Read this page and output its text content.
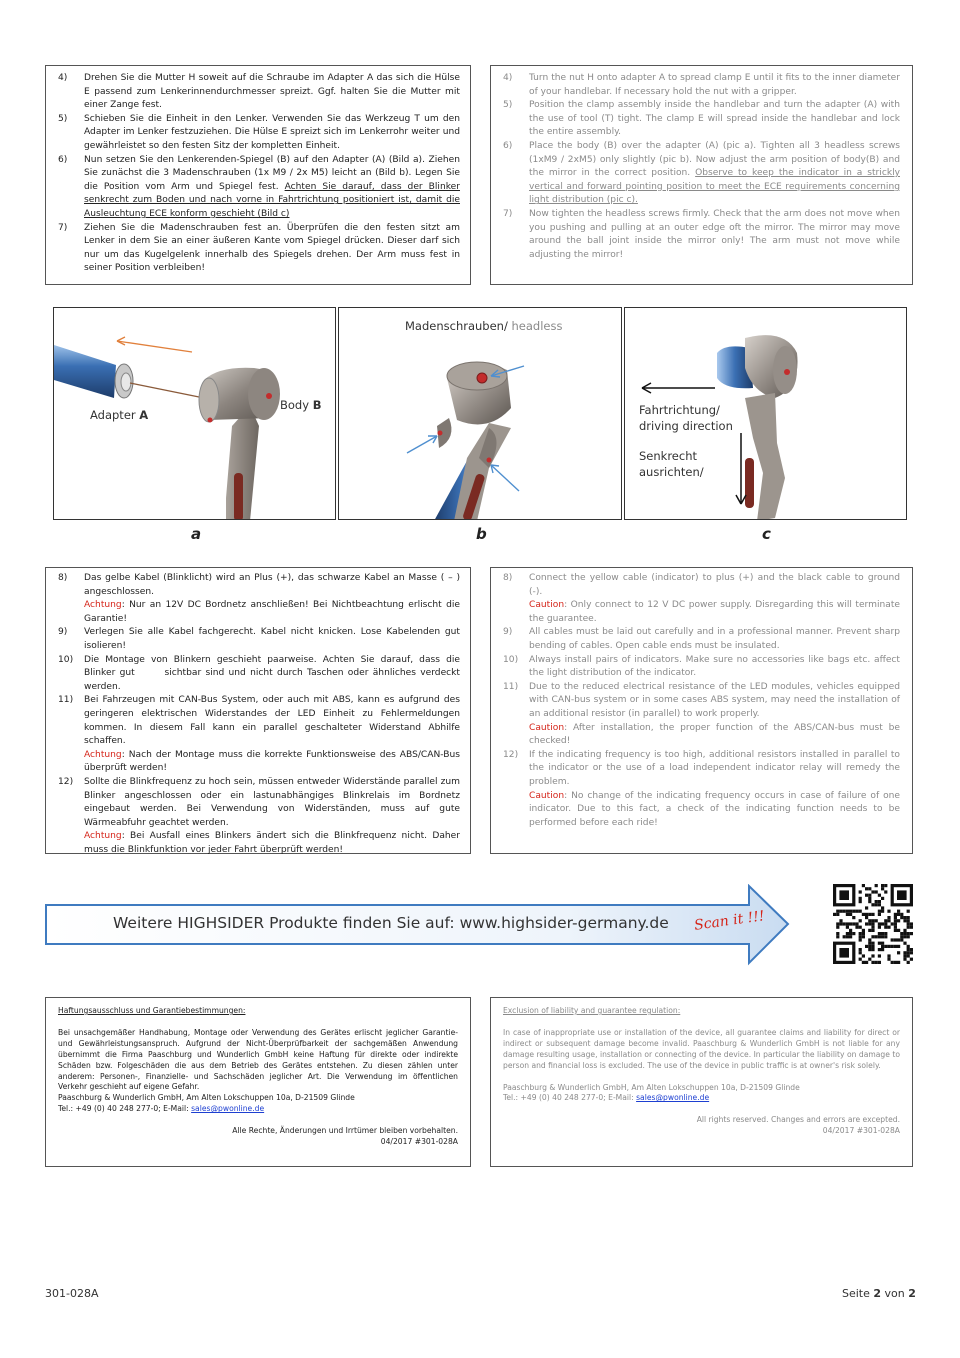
4)	Drehen Sie die Mutter H soweit auf die Schraube im Adapter A das sich die Hülse E passend zum Lenkerinnendurchmesser spreizt. Ggf. halten Sie die Mutter mit einer Zange fest.
5)	Schieben Sie die Einheit in den Lenker. Verwenden Sie das Werkzeug T um den Adapter im Lenker festzuziehen. Die Hülse E spreizt sich im Lenkerrohr weiter und gewährleistet so den festen Sitz der kompletten Einheit.
6)	Nun setzen Sie den Lenkerenden-Spiegel (B) auf den Adapter (A) (Bild a). Ziehen Sie zunächst die 3 Madenschrauben (1x M9 / 2x M5) leicht an (Bild b). Legen Sie die Position vom Arm und Spiegel fest. Achten Sie darauf, dass der Blinker senkrecht zum Boden und nach vorne in Fahrtrichtung positioniert ist, damit die Ausleuchtung ECE konform geschieht (Bild c)
7)	Ziehen Sie die Madenschrauben fest an. Überprüfen die den festen sitzt am Lenker in dem Sie an einer äußeren Kante vom Spiegel drücken. Dieser darf sich nur um das Kugelgelenk innerhalb des Spiegels drehen. Der Arm muss fest in seiner Position verbleiben!
4)	Turn the nut H onto adapter A to spread clamp E until it fits to the inner diameter of your handlebar. If necessary hold the nut with a gripper.
5)	Position the clamp assembly inside the handlebar and turn the adapter (A) with the use of tool (T) tight. The clamp E will spread inside the handlebar and lock the entire assembly.
6)	Place the body (B) over the adapter (A) (pic a). Tighten all 3 headless screws (1xM9 / 2xM5) only slightly (pic b). Now adjust the arm position of body(B) and the mirror in the correct position. Observe to keep the indicator in a strickly vertical and forward pointing position to meet the ECE requirements concerning light distribution (pic c).
7)	Now tighten the headless screws firmly. Check that the arm does not move when you pushing and pulling at an outer edge oft the mirror. The mirror may move around the ball joint inside the mirror only! The arm must not move while adjusting the mirror!
Adapter A
Body B
Madenschrauben/ headless
Fahrtrichtung/
driving direction
Senkrecht
ausrichten/
a	b	c
8)	Das gelbe Kabel (Blinklicht) wird an Plus (+), das schwarze Kabel an Masse ( – ) angeschlossen.
Achtung: Nur an 12V DC Bordnetz anschließen! Bei Nichtbeachtung erlischt die Garantie!
9)	Verlegen Sie alle Kabel fachgerecht. Kabel nicht knicken. Lose Kabelenden gut isolieren!
10)	Die Montage von Blinkern geschieht paarweise. Achten Sie darauf, dass die Blinker gut       sichtbar sind und nicht durch Taschen oder ähnliches verdeckt werden.
11)	Bei Fahrzeugen mit CAN-Bus System, oder auch mit ABS, kann es aufgrund des geringeren elektrischen Widerstandes der LED Einheit zu Fehlermeldungen kommen. In diesem Fall kann ein parallel geschalteter Widerstand Abhilfe schaffen.
Achtung: Nach der Montage muss die korrekte Funktionsweise des ABS/CAN-Bus überprüft werden!
12)	Sollte die Blinkfrequenz zu hoch sein, müssen entweder Widerstände parallel zum Blinker angeschlossen oder ein lastunabhängiges Blinkrelais im Bordnetz eingebaut werden. Bei Verwendung von Widerständen, muss auf gute Wärmeabfuhr geachtet werden.
Achtung: Bei Ausfall eines Blinkers ändert sich die Blinkfrequenz nicht. Daher muss die Blinkfunktion vor jeder Fahrt überprüft werden!
8)	Connect the yellow cable (indicator) to plus (+) and the black cable to ground (-).
Caution: Only connect to 12 V DC power supply. Disregarding this will terminate the guarantee.
9)	All cables must be laid out carefully and in a professional manner. Prevent sharp bending of cables. Open cable ends must be insulated.
10)	Always install pairs of indicators. Make sure no accessories like bags etc. affect the light distribution of the indicator.
11)	Due to the reduced electrical resistance of the LED modules, vehicles equipped with CAN-bus system or in some cases ABS system, may need the installation of an additional resistor (in parallel) to work properly.
Caution: After installation, the proper function of the ABS/CAN-bus must be checked!
12)	If the indicating frequency is too high, additional resistors installed in parallel to the indicator or the use of a load independent indicator relay will remedy the problem.
Caution: No change of the indicating frequency occurs in case of failure of one indicator. Due to this fact, a check of the indicating function needs to be performed before each ride!
Weitere HIGHSIDER Produkte finden Sie auf: www.highsider-germany.de Scan it !!!

Haftungsausschluss und Garantiebestimmungen:

Bei unsachgemäßer Handhabung, Montage oder Verwendung des Gerätes erlischt jeglicher Garantie- und Gewährleistungsanspruch. Aufgrund der Nicht-Überprüfbarkeit der sachgemäßen Anwendung übernimmt die Firma Paaschburg und Wunderlich GmbH keine Haftung für direkte oder indirekte Schäden bzw. Folgeschäden die aus dem Betrieb des Gerätes entstehen. Zu diesen zählen unter anderem: Personen-, Finanzielle- und Sachschäden jeglicher Art. Die Verwendung im öffentlichen Verkehr geschieht auf eigene Gefahr.

Paaschburg & Wunderlich GmbH, Am Alten Lokschuppen 10a, D-21509 Glinde

Tel.: +49 (0) 40 248 277-0; E-Mail: sales@pwonline.de

Alle Rechte, Änderungen und Irrtümer bleiben vorbehalten.

04/2017 #301-028A

Exclusion of liability and guarantee regulation:

In case of inappropriate use or installation of the device, all guarantee claims and liability for direct or indirect or subsequent damage become invalid. Paaschburg & Wunderlich GmbH is not liable for any damage resulting usage, installation or connecting of the device. In particular the liability on damage to person and financial loss is excluded. The use of the device in public traffic is at owner's risk solely.

Paaschburg & Wunderlich GmbH, Am Alten Lokschuppen 10a, D-21509 Glinde

Tel.: +49 (0) 40 248 277-0; E-Mail: sales@pwonline.de

All rights reserved. Changes and errors are excepted.

04/2017 #301-028A

301-028A	Seite 2 von 2
